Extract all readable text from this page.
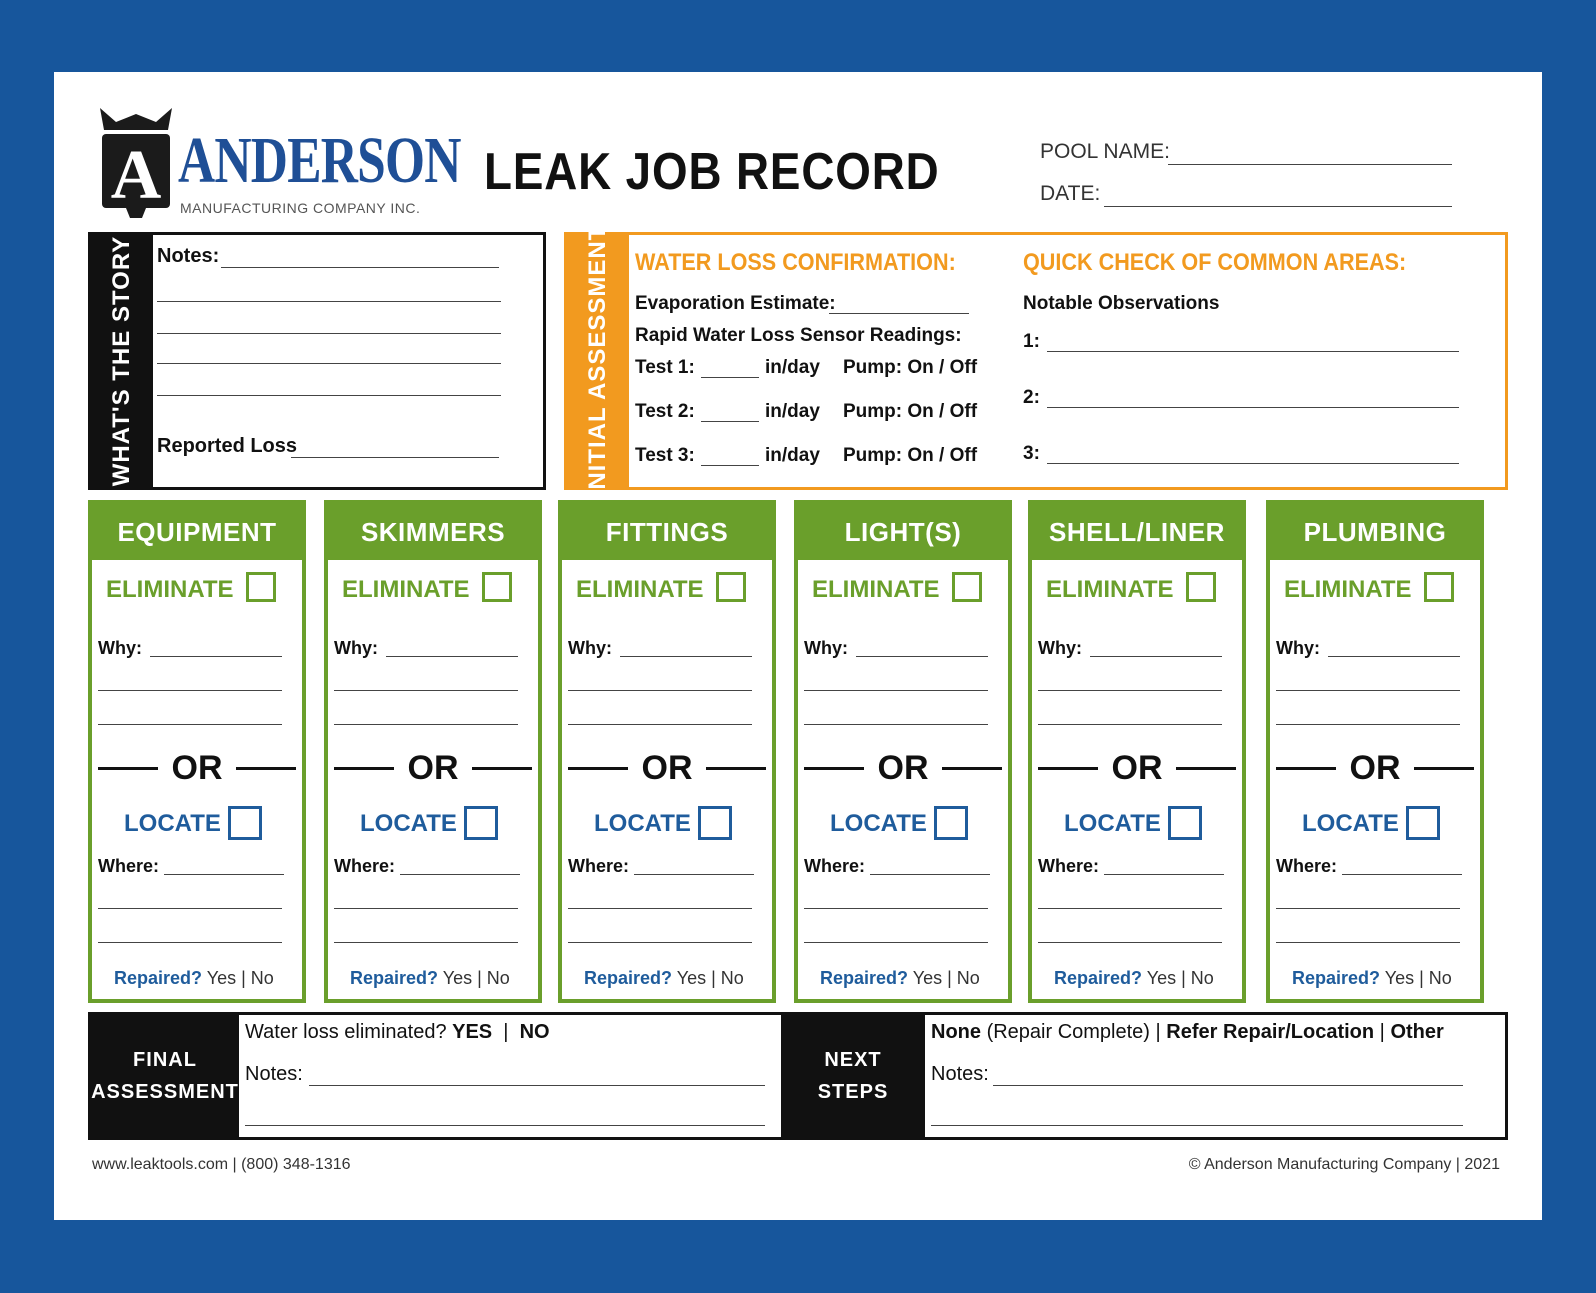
A ANDERSON
MANUFACTURING COMPANY INC.
LEAK JOB RECORD	POOL NAME:
DATE:
WHAT'S THE STORY Notes:
Reported Loss	INITIAL ASSESSMENT WATER LOSS CONFIRMATION:
Evaporation Estimate:
Rapid Water Loss Sensor Readings:
Test 1:	in/day Pump: On / Off
Test 2:	in/day Pump: On / Off
Test 3:	in/day Pump: On / Off
QUICK CHECK OF COMMON AREAS:
Notable Observations
1:
2:
3:
EQUIPMENT
ELIMINATE
Why:
OR
LOCATE
Where:
Repaired? Yes | No
SKIMMERS
ELIMINATE
Why:
OR
LOCATE
Where:
Repaired? Yes | No
FITTINGS
ELIMINATE
Why:
OR
LOCATE
Where:
Repaired? Yes | No
LIGHT(S)
ELIMINATE
Why:
OR
LOCATE
Where:
Repaired? Yes | No
SHELL/LINER
ELIMINATE
Why:
OR
LOCATE
Where:
Repaired? Yes | No
PLUMBING
ELIMINATE
Why:
OR
LOCATE
Where:
Repaired? Yes | No
FINAL
ASSESSMENT
Water loss eliminated? YES | NO
Notes:
NEXT
STEPS
None (Repair Complete) | Refer Repair/Location | Other
Notes:
www.leaktools.com | (800) 348-1316	© Anderson Manufacturing Company | 2021
